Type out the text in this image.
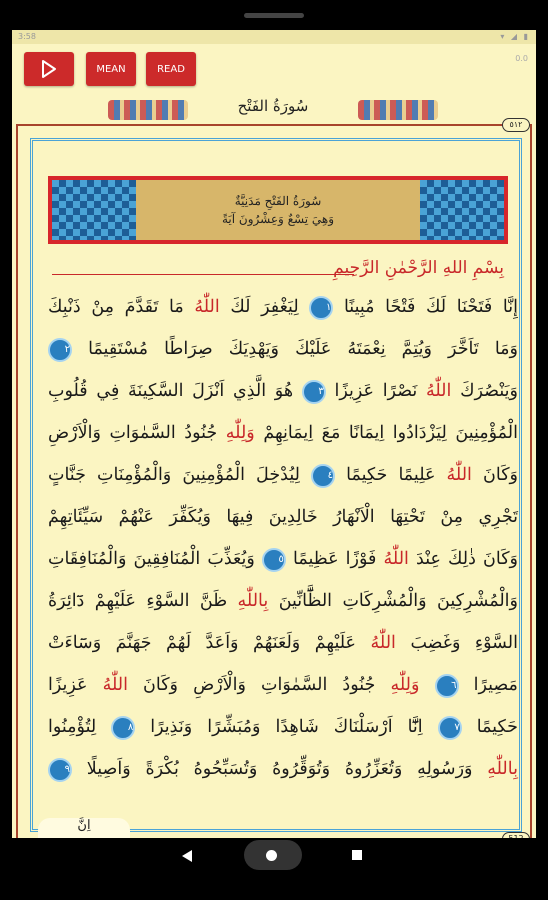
3:58	▾ ◢ ▮
MEAN	READ
0.0
سُورَةُ الفَتْح
٥١٢
سُورَةُ الفَتْحِ مَدَنِيَّةٌ
وَهِيَ تِسْعٌ وَعِشْرُونَ آيَةً
بِسْمِ اللهِ الرَّحْمٰنِ الرَّحِيمِ
إِنَّا فَتَحْنَا لَكَ فَتْحًا مُبِينًا ١ لِيَغْفِرَ لَكَ اللّٰهُ مَا تَقَدَّمَ مِنْ ذَنْبِكَ
وَمَا تَاَخَّرَ وَيُتِمَّ نِعْمَتَهُ عَلَيْكَ وَيَهْدِيَكَ صِرَاطًا مُسْتَقِيمًا ٢
وَيَنْصُرَكَ اللّٰهُ نَصْرًا عَزِيزًا ٣ هُوَ الَّذِي اَنْزَلَ السَّكِينَةَ فِي قُلُوبِ
الْمُؤْمِنِينَ لِيَزْدَادُوا اِيمَانًا مَعَ اِيمَانِهِمْ وَلِلّٰهِ جُنُودُ السَّمٰوَاتِ وَالْاَرْضِ
وَكَانَ اللّٰهُ عَلِيمًا حَكِيمًا ٤ لِيُدْخِلَ الْمُؤْمِنِينَ وَالْمُؤْمِنَاتِ جَنَّاتٍ
تَجْرِي مِنْ تَحْتِهَا الْاَنْهَارُ خَالِدِينَ فِيهَا وَيُكَفِّرَ عَنْهُمْ سَيِّئَاتِهِمْ
وَكَانَ ذٰلِكَ عِنْدَ اللّٰهُ فَوْزًا عَظِيمًا ٥ وَيُعَذِّبَ الْمُنَافِقِينَ وَالْمُنَافِقَاتِ
وَالْمُشْرِكِينَ وَالْمُشْرِكَاتِ الظَّٓانِّينَ بِاللّٰهِ ظَنَّ السَّوْءِ عَلَيْهِمْ دَٓائِرَةُ
السَّوْءِ وَغَضِبَ اللّٰهُ عَلَيْهِمْ وَلَعَنَهُمْ وَاَعَدَّ لَهُمْ جَهَنَّمَ وَسَٓاءَتْ
مَصِيرًا ٦ وَلِلّٰهِ جُنُودُ السَّمٰوَاتِ وَالْاَرْضِ وَكَانَ اللّٰهُ عَزِيزًا
حَكِيمًا ٧ اِنَّٓا اَرْسَلْنَاكَ شَاهِدًا وَمُبَشِّرًا وَنَذِيرًا ٨ لِتُؤْمِنُوا
بِاللّٰهِ وَرَسُولِهِ وَتُعَزِّرُوهُ وَتُوَقِّرُوهُ وَتُسَبِّحُوهُ بُكْرَةً وَاَصِيلًا ٩
اِنَّ
